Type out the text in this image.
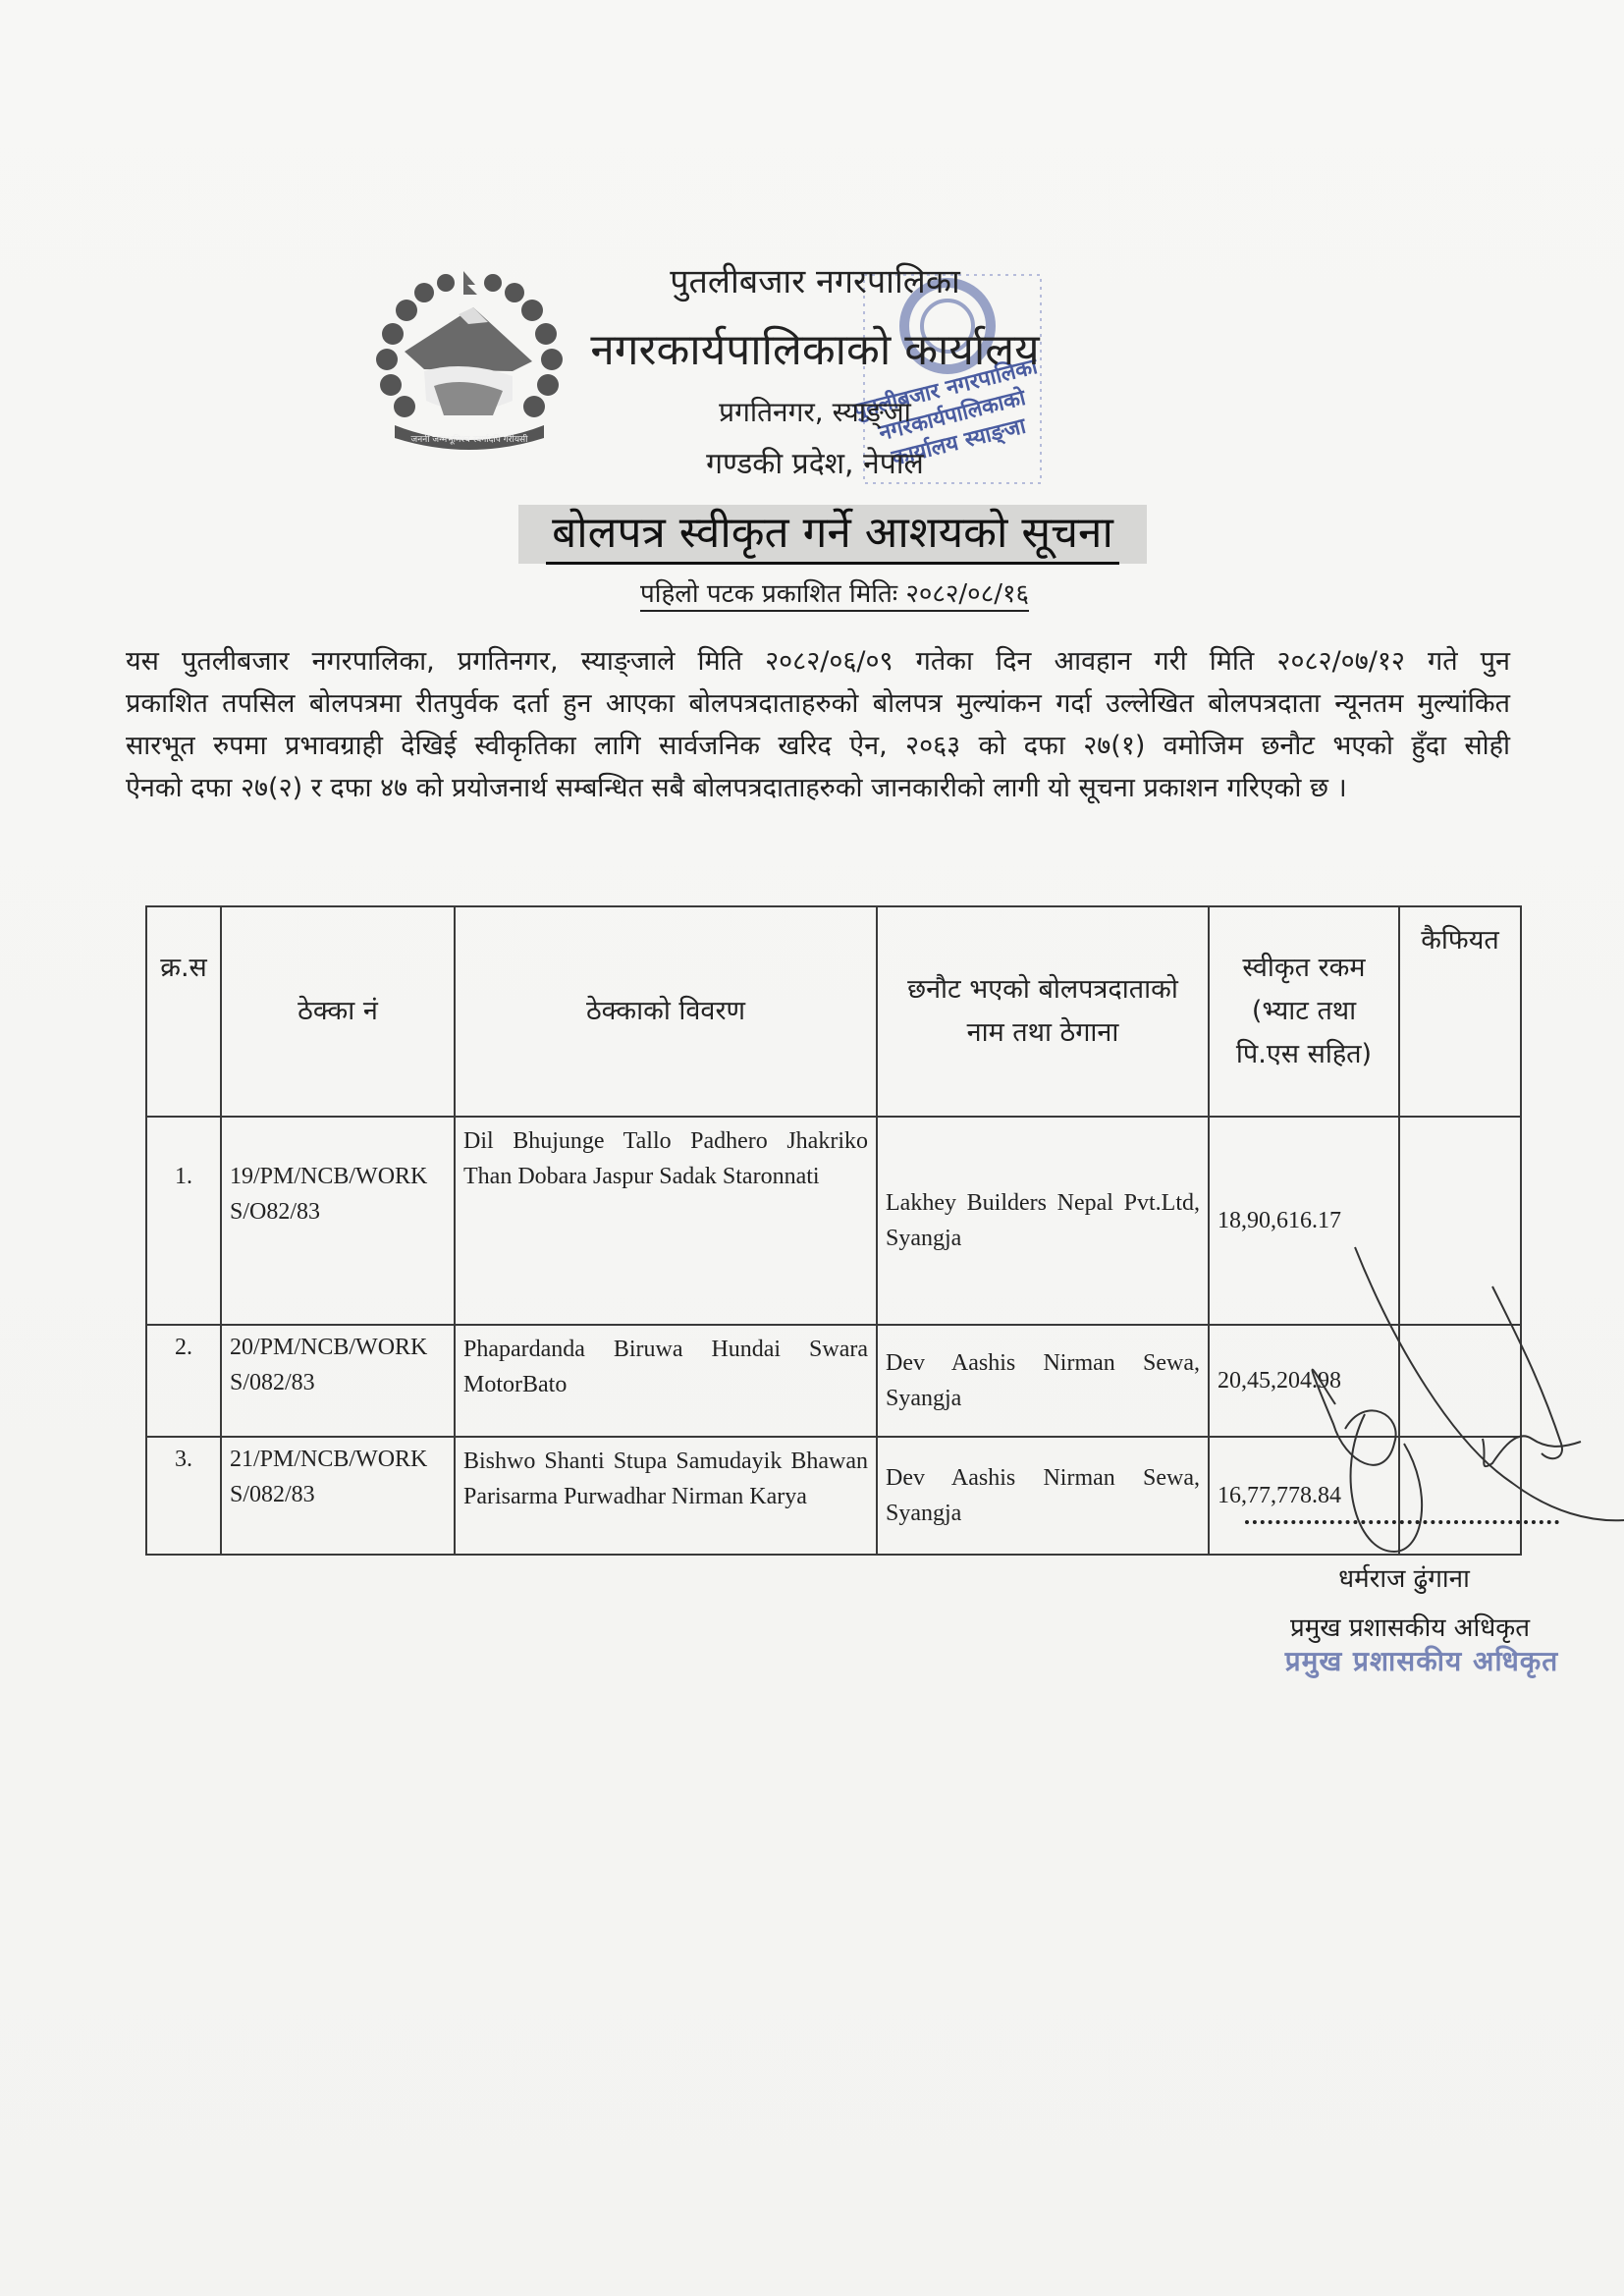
जननी जन्मभूमिश्च स्वर्गादपि गरीयसी
पुतलीबजार नगरपालिका नगरकार्यपालिकाको कार्यालय स्याङ्जा
पुतलीबजार नगरपालिका
नगरकार्यपालिकाको कार्यालय
प्रगतिनगर, स्याङ्जा
गण्डकी प्रदेश, नेपाल
बोलपत्र स्वीकृत गर्ने आशयको सूचना
पहिलो पटक प्रकाशित मितिः २०८२/०८/१६

यस पुतलीबजार नगरपालिका, प्रगतिनगर, स्याङ्जाले मिति २०८२/०६/०९ गतेका दिन आवहान गरी मिति २०८२/०७/१२ गते पुन

प्रकाशित तपसिल बोलपत्रमा रीतपुर्वक दर्ता हुन आएका बोलपत्रदाताहरुको बोलपत्र मुल्यांकन गर्दा उल्लेखित बोलपत्रदाता न्यूनतम मुल्यांकित

सारभूत रुपमा प्रभावग्राही देखिई स्वीकृतिका लागि सार्वजनिक खरिद ऐन, २०६३ को दफा २७(१) वमोजिम छनौट भएको हुँदा सोही

ऐनको दफा २७(२) र दफा ४७ को प्रयोजनार्थ सम्बन्धित सबै बोलपत्रदाताहरुको जानकारीको लागी यो सूचना प्रकाशन गरिएको छ ।

क्र.स	ठेक्का नं	ठेक्काको विवरण	छनौट भएको बोलपत्रदाताको नाम तथा ठेगाना	स्वीकृत रकम
(भ्याट तथा
पि.एस सहित)	कैफियत
1.	19/PM/NCB/WORKS/O82/83	Dil Bhujunge Tallo Padhero Jhakriko Than Dobara Jaspur Sadak Staronnati	Lakhey Builders Nepal Pvt.Ltd, Syangja	18,90,616.17	
2.	20/PM/NCB/WORKS/082/83	Phapardanda Biruwa Hundai Swara MotorBato	Dev Aashis Nirman Sewa, Syangja	20,45,204.98	
3.	21/PM/NCB/WORKS/082/83	Bishwo Shanti Stupa Samudayik Bhawan Parisarma Purwadhar Nirman Karya	Dev Aashis Nirman Sewa, Syangja	16,77,778.84	
धर्मराज ढुंगाना
प्रमुख प्रशासकीय अधिकृत
प्रमुख प्रशासकीय अधिकृत
